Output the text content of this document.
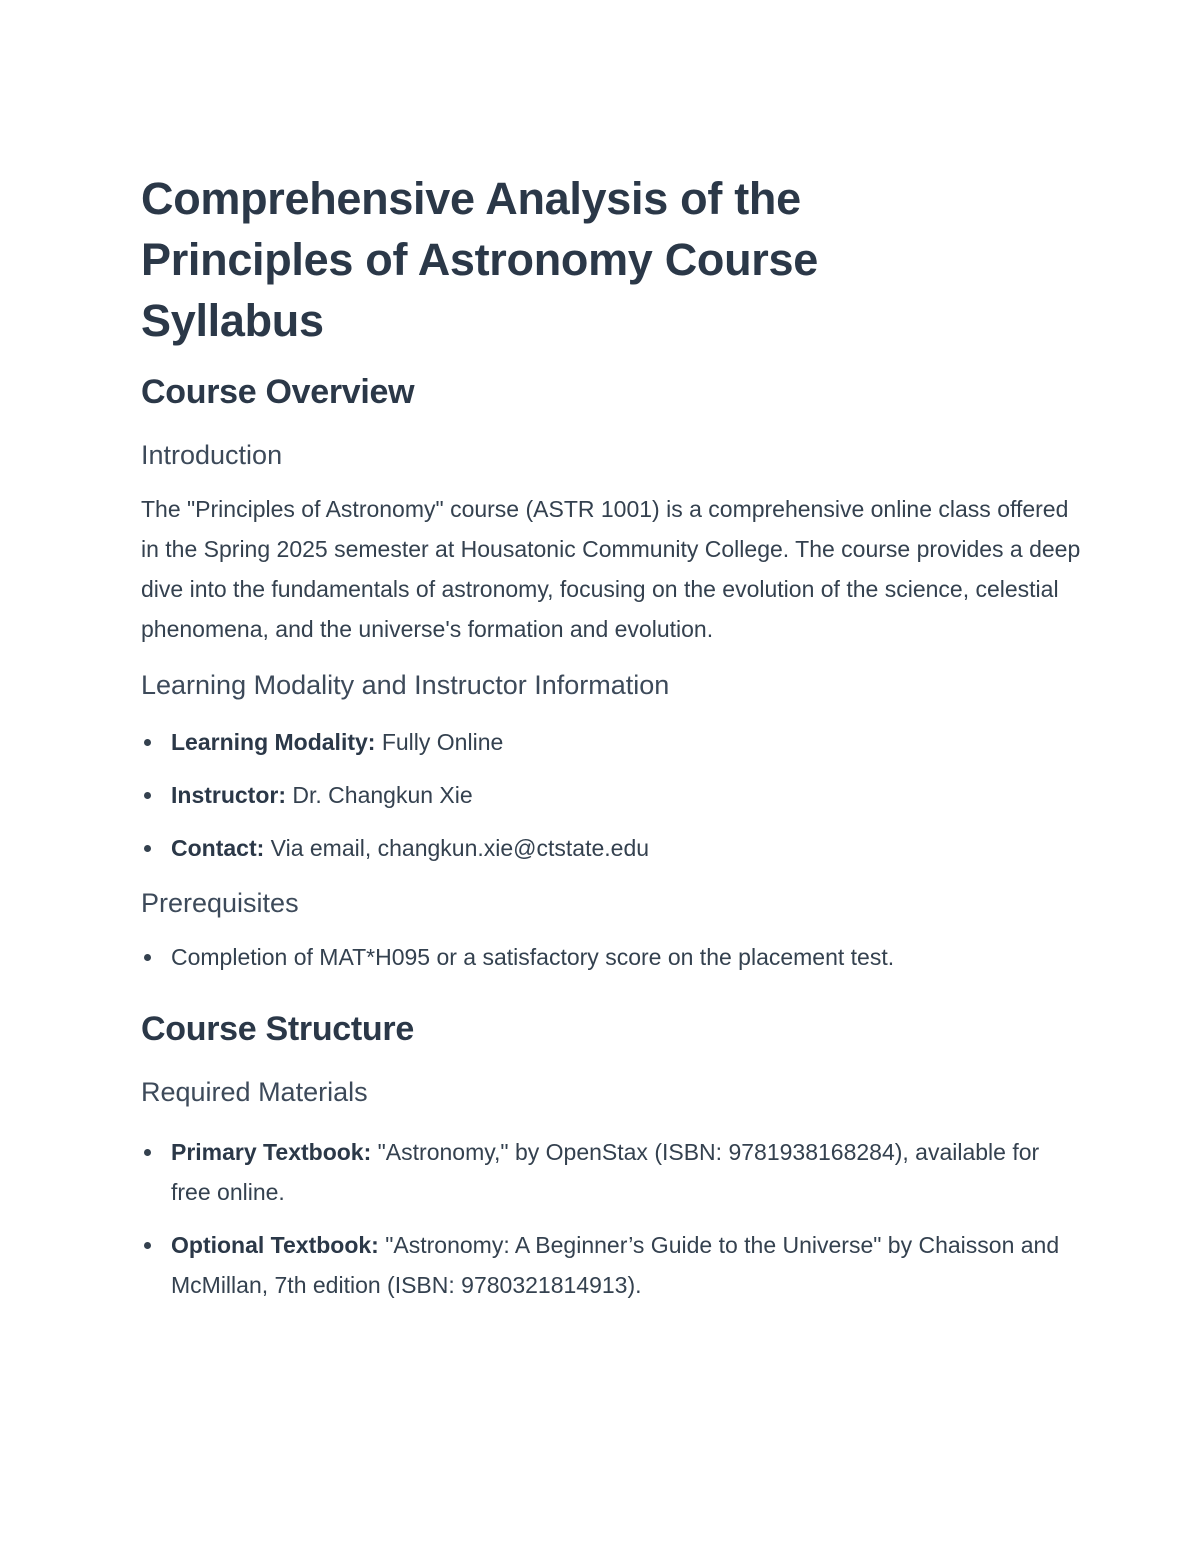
Comprehensive Analysis of the Principles of Astronomy Course Syllabus
Course Overview
Introduction

The "Principles of Astronomy" course (ASTR 1001) is a comprehensive online class offered in the Spring 2025 semester at Housatonic Community College. The course provides a deep dive into the fundamentals of astronomy, focusing on the evolution of the science, celestial phenomena, and the universe's formation and evolution.

Learning Modality and Instructor Information
Learning Modality: Fully Online
Instructor: Dr. Changkun Xie
Contact: Via email, changkun.xie@ctstate.edu
Prerequisites
Completion of MAT*H095 or a satisfactory score on the placement test.
Course Structure
Required Materials
Primary Textbook: "Astronomy," by OpenStax (ISBN: 9781938168284), available for free online.
Optional Textbook: "Astronomy: A Beginner’s Guide to the Universe" by Chaisson and McMillan, 7th edition (ISBN: 9780321814913).
